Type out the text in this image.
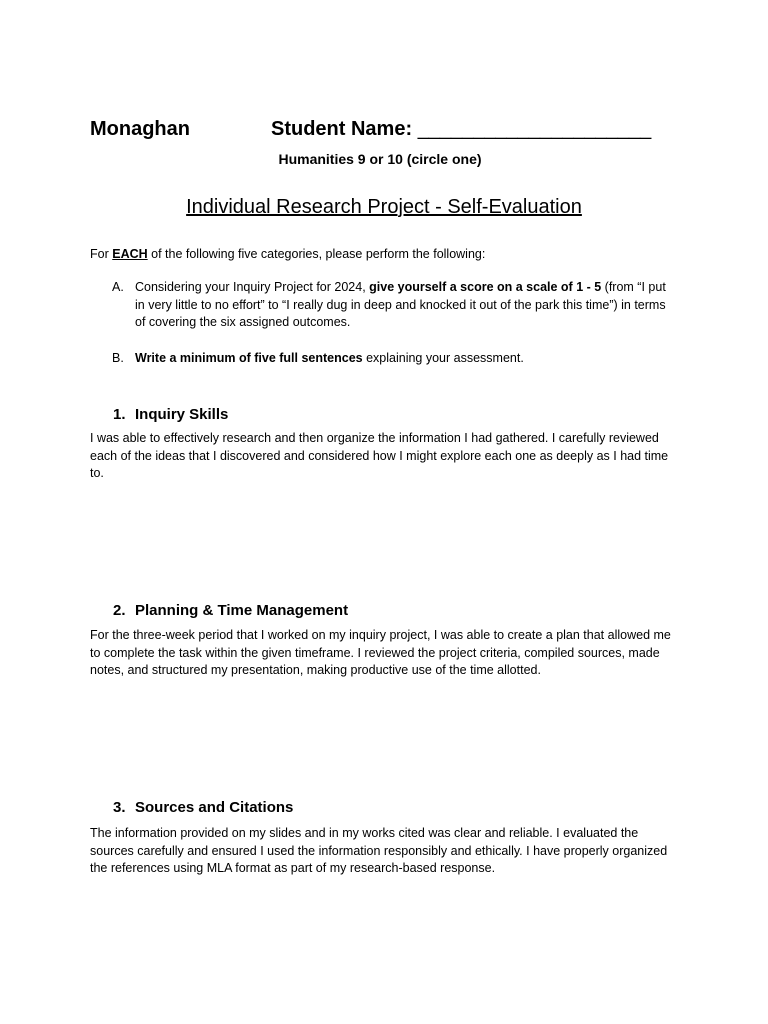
Monaghan	Student Name: _____________________
Humanities 9 or 10 (circle one)
Individual Research Project - Self-Evaluation
For EACH of the following five categories, please perform the following:
A. Considering your Inquiry Project for 2024, give yourself a score on a scale of 1 - 5 (from “I put in very little to no effort” to “I really dug in deep and knocked it out of the park this time”) in terms of covering the six assigned outcomes.
B. Write a minimum of five full sentences explaining your assessment.
1. Inquiry Skills
I was able to effectively research and then organize the information I had gathered. I carefully reviewed each of the ideas that I discovered and considered how I might explore each one as deeply as I had time to.
2. Planning & Time Management
For the three-week period that I worked on my inquiry project, I was able to create a plan that allowed me to complete the task within the given timeframe. I reviewed the project criteria, compiled sources, made notes, and structured my presentation, making productive use of the time allotted.
3. Sources and Citations
The information provided on my slides and in my works cited was clear and reliable. I evaluated the sources carefully and ensured I used the information responsibly and ethically. I have properly organized the references using MLA format as part of my research-based response.
